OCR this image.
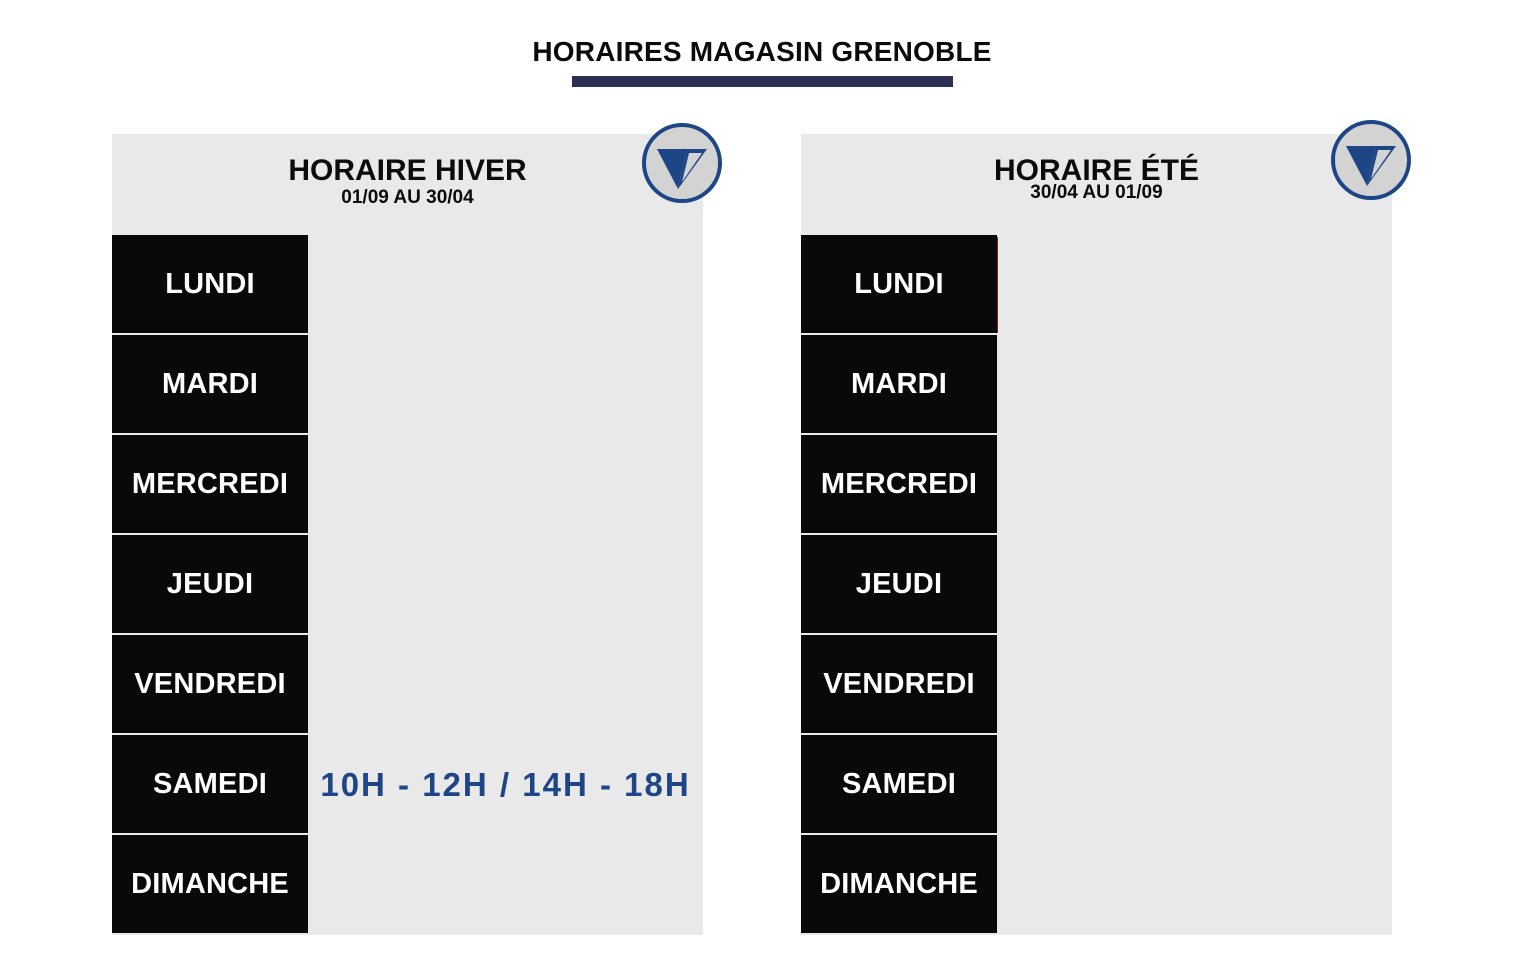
HORAIRES MAGASIN GRENOBLE
HORAIRE HIVER
01/09 AU 30/04
LUNDI
MARDI
MERCREDI
JEUDI
VENDREDI
SAMEDI
DIMANCHE
10H - 12H / 14H - 18H
HORAIRE ÉTÉ
30/04 AU 01/09
LUNDI
MARDI
MERCREDI
JEUDI
VENDREDI
SAMEDI
DIMANCHE
